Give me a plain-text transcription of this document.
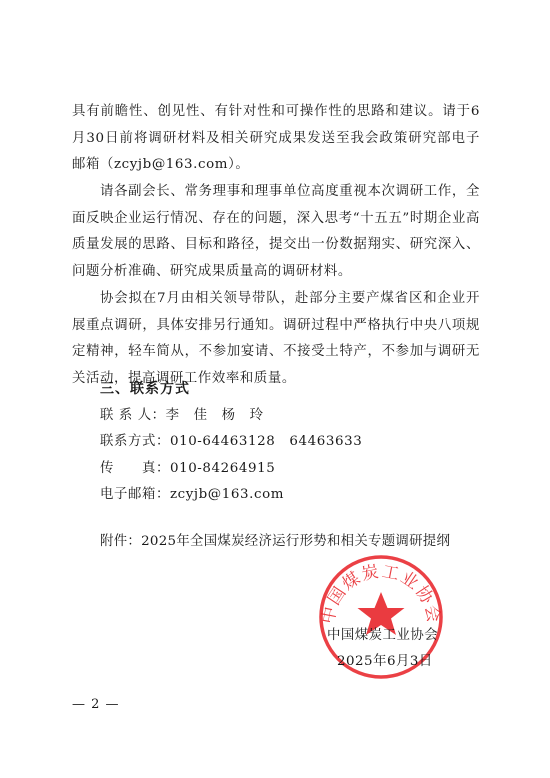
具有前瞻性、创见性、有针对性和可操作性的思路和建议。请于6月30日前将调研材料及相关研究成果发送至我会政策研究部电子邮箱（zcyjb@163.com）。

请各副会长、常务理事和理事单位高度重视本次调研工作，全面反映企业运行情况、存在的问题，深入思考“十五五”时期企业高质量发展的思路、目标和路径，提交出一份数据翔实、研究深入、问题分析准确、研究成果质量高的调研材料。

协会拟在7月由相关领导带队，赴部分主要产煤省区和企业开展重点调研，具体安排另行通知。调研过程中严格执行中央八项规定精神，轻车简从，不参加宴请、不接受土特产，不参加与调研无关活动，提高调研工作效率和质量。

三、联系方式
联 系 人：李　佳　杨　玲
联系方式：010-64463128　64463633
传　　真：010-84264915
电子邮箱：zcyjb@163.com
附件：2025年全国煤炭经济运行形势和相关专题调研提纲
中国煤炭工业协会
中国煤炭工业协会
2025年6月3日
— 2 —
